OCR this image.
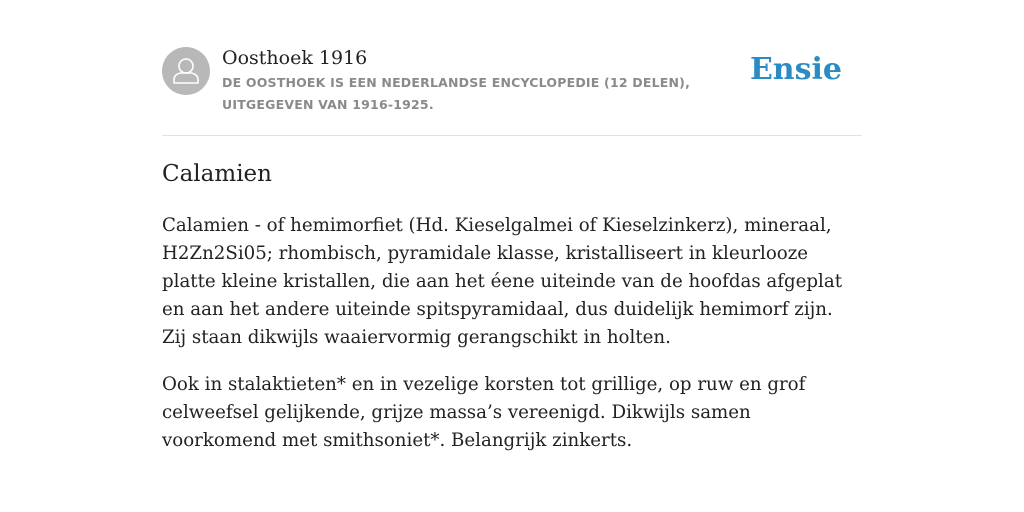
Oosthoek 1916
DE OOSTHOEK IS EEN NEDERLANDSE ENCYCLOPEDIE (12 DELEN), UITGEGEVEN VAN 1916-1925.
Ensie
Calamien

Calamien - of hemimorfiet (Hd. Kieselgalmei of Kieselzinkerz), mineraal, H2Zn2Si05; rhombisch, pyramidale klasse, kristalliseert in kleurlooze platte kleine kristallen, die aan het éene uiteinde van de hoofdas afgeplat en aan het andere uiteinde spitspyramidaal, dus duidelijk hemimorf zijn. Zij staan dikwijls waaiervormig gerangschikt in holten.

Ook in stalaktieten* en in vezelige korsten tot grillige, op ruw en grof celweefsel gelijkende, grijze massa’s vereenigd. Dikwijls samen voorkomend met smithsoniet*. Belangrijk zinkerts.
